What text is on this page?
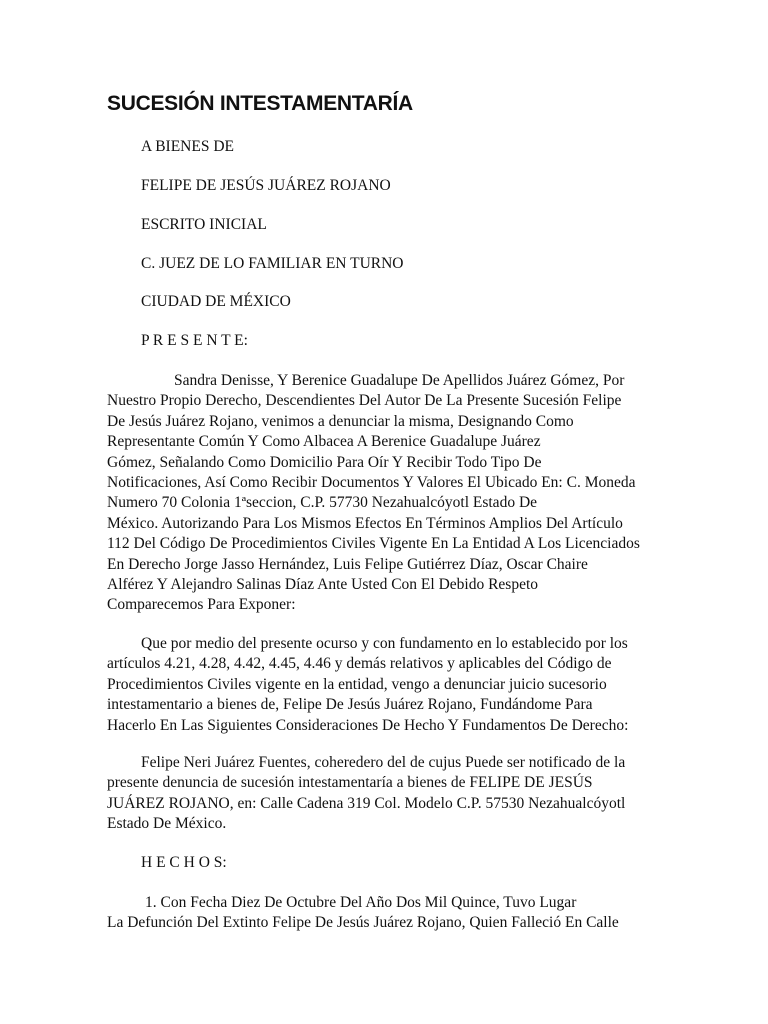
SUCESIÓN INTESTAMENTARÍA

A BIENES DE

FELIPE DE JESÚS JUÁREZ ROJANO

ESCRITO INICIAL

C. JUEZ DE LO FAMILIAR EN TURNO

CIUDAD DE MÉXICO

P R E S E N T E:

Sandra Denisse, Y Berenice Guadalupe De Apellidos Juárez Gómez, Por
Nuestro Propio Derecho, Descendientes Del Autor De La Presente Sucesión Felipe
De Jesús Juárez Rojano, venimos a denunciar la misma, Designando Como
Representante Común Y Como Albacea A Berenice Guadalupe Juárez
Gómez, Señalando Como Domicilio Para Oír Y Recibir Todo Tipo De
Notificaciones, Así Como Recibir Documentos Y Valores El Ubicado En: C. Moneda
Numero 70 Colonia 1ªseccion, C.P. 57730 Nezahualcóyotl Estado De
México. Autorizando Para Los Mismos Efectos En Términos Amplios Del Artículo
112 Del Código De Procedimientos Civiles Vigente En La Entidad A Los Licenciados
En Derecho Jorge Jasso Hernández, Luis Felipe Gutiérrez Díaz, Oscar Chaire
Alférez Y Alejandro Salinas Díaz Ante Usted Con El Debido Respeto
Comparecemos Para Exponer:
Que por medio del presente ocurso y con fundamento en lo establecido por los
artículos 4.21, 4.28, 4.42, 4.45, 4.46 y demás relativos y aplicables del Código de
Procedimientos Civiles vigente en la entidad, vengo a denunciar juicio sucesorio
intestamentario a bienes de, Felipe De Jesús Juárez Rojano, Fundándome Para
Hacerlo En Las Siguientes Consideraciones De Hecho Y Fundamentos De Derecho:
Felipe Neri Juárez Fuentes, coheredero del de cujus Puede ser notificado de la
presente denuncia de sucesión intestamentaría a bienes de FELIPE DE JESÚS
JUÁREZ ROJANO, en: Calle Cadena 319 Col. Modelo C.P. 57530 Nezahualcóyotl
Estado De México.

H E C H O S:

1. Con Fecha Diez De Octubre Del Año Dos Mil Quince, Tuvo Lugar
La Defunción Del Extinto Felipe De Jesús Juárez Rojano, Quien Falleció En Calle
